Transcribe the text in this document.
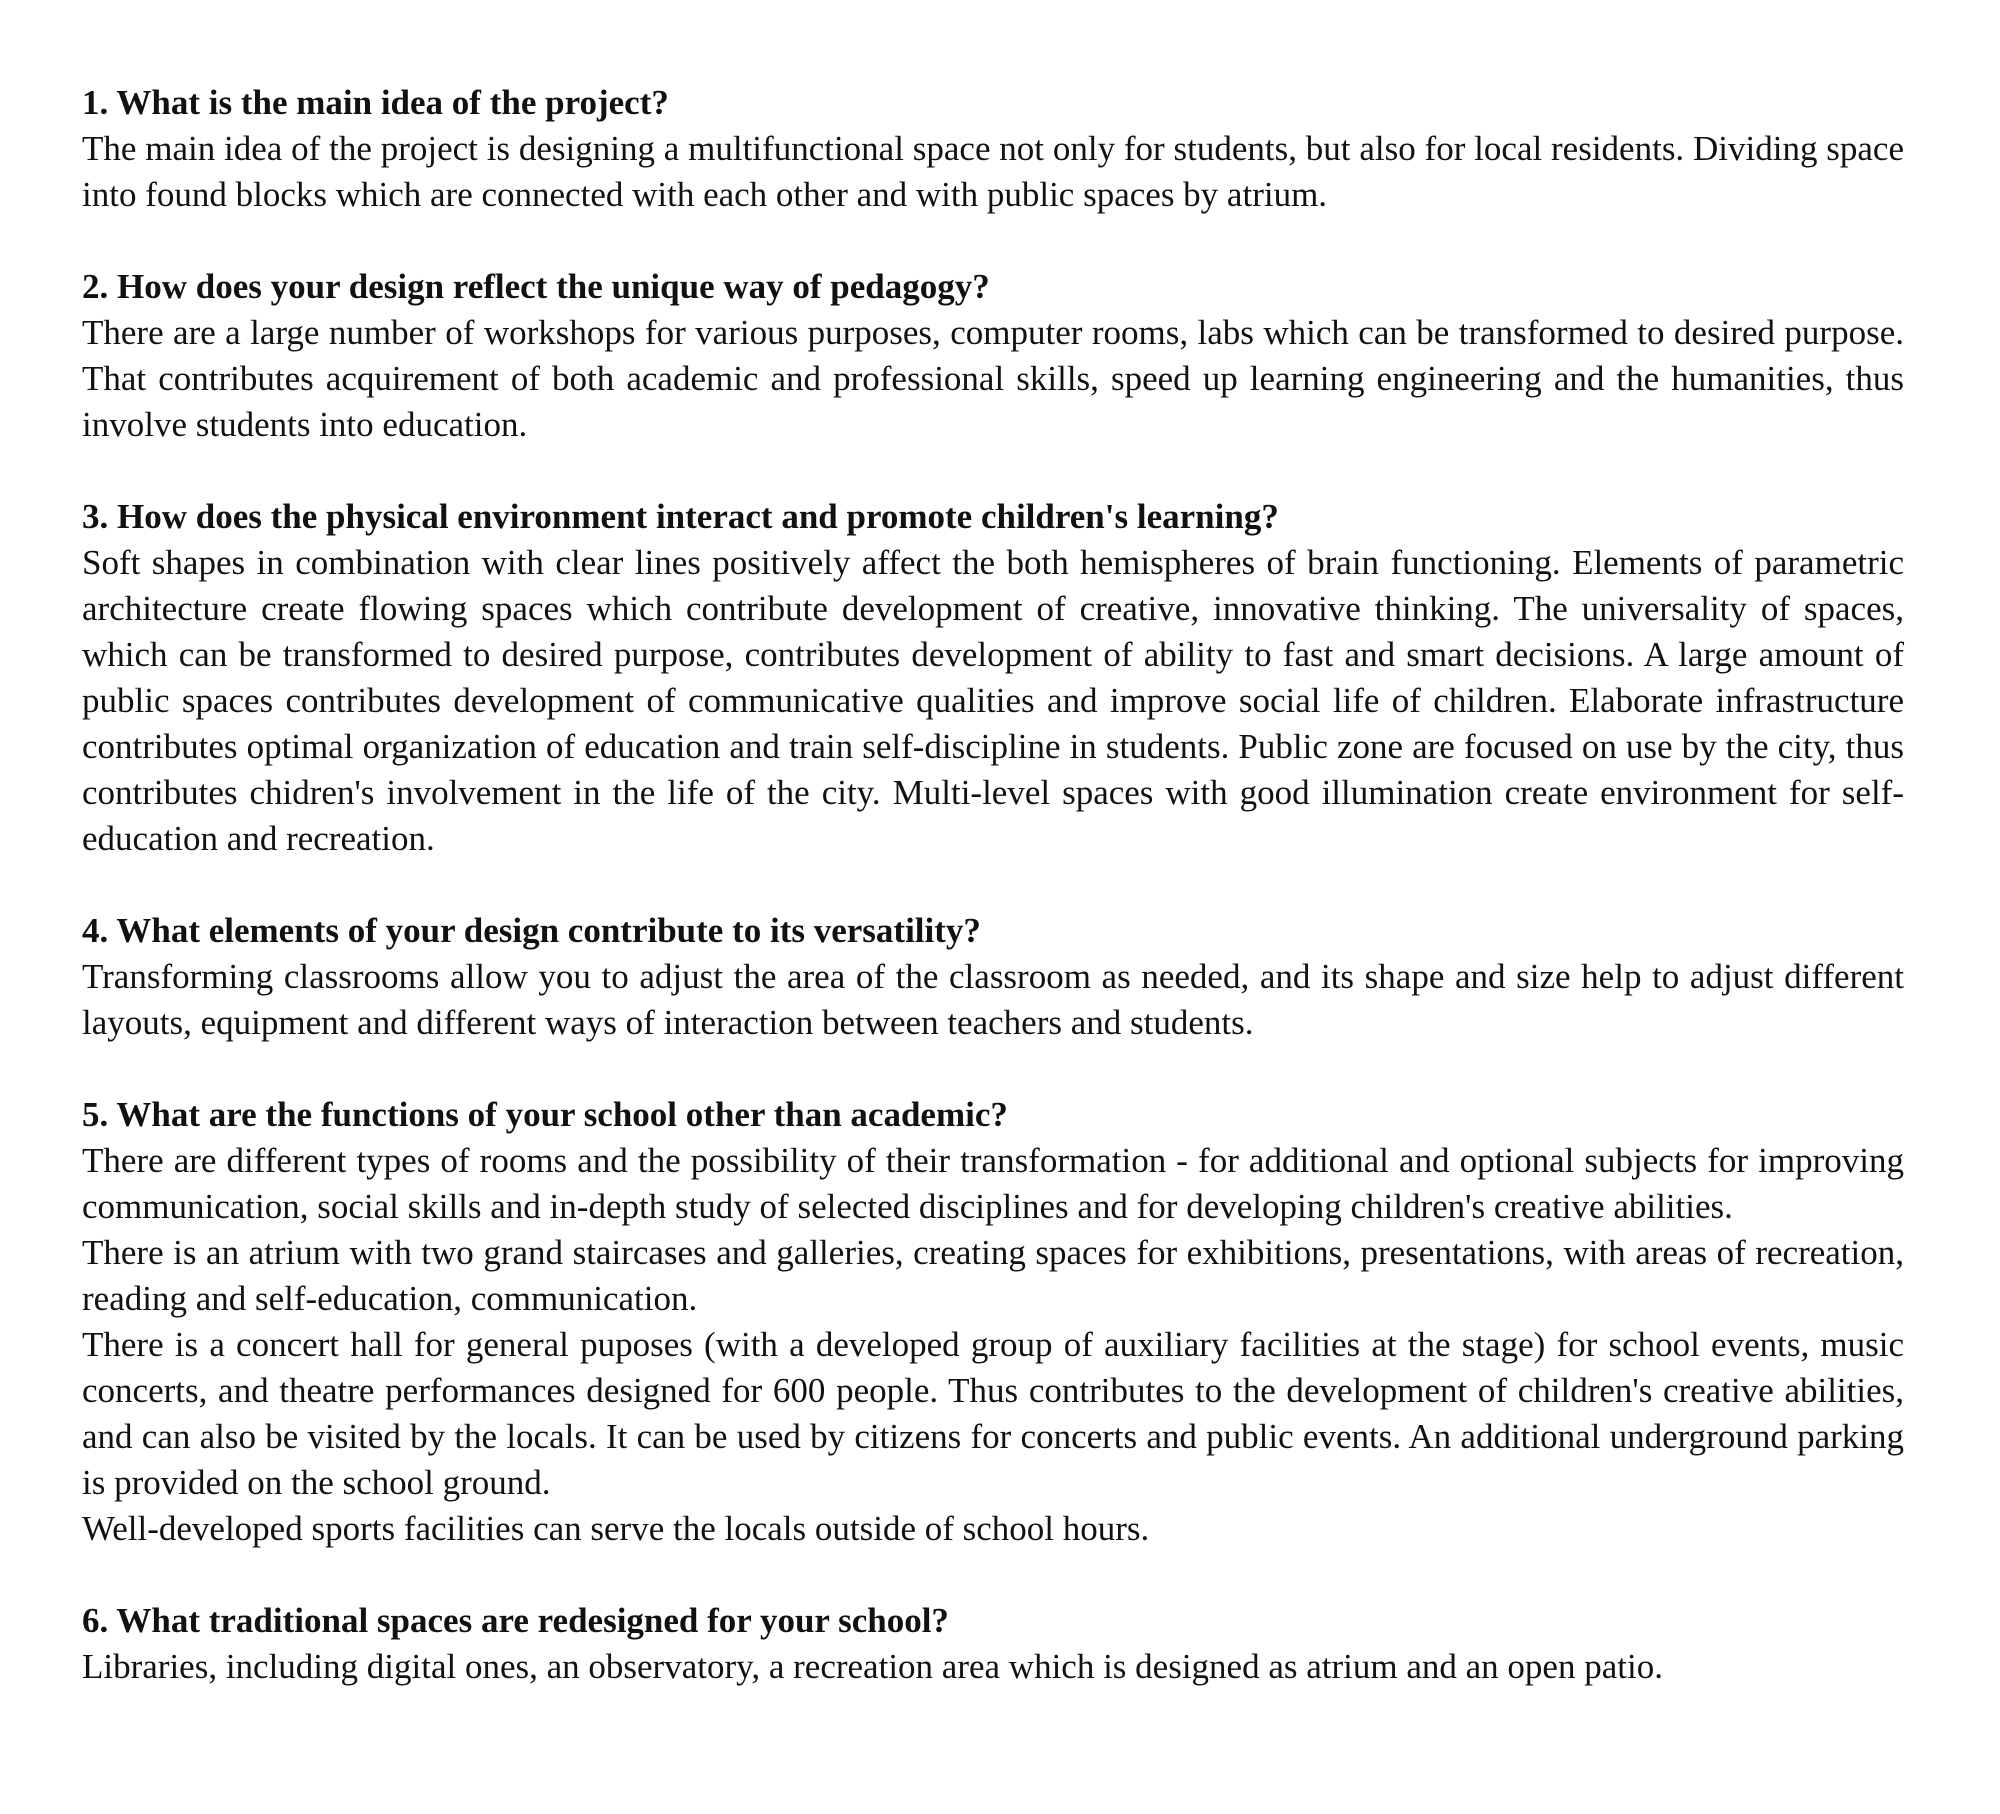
1. What is the main idea of the project?

The main idea of the project is designing a multifunctional space not only for students, but also for local residents. Dividing space into found blocks which are connected with each other and with public spaces by atrium.

2. How does your design reflect the unique way of pedagogy?

There are a large number of workshops for various purposes, computer rooms, labs which can be transformed to desired purpose. That contributes acquirement of both academic and professional skills, speed up learning engineering and the humanities, thus involve students into education.

3. How does the physical environment interact and promote children's learning?

Soft shapes in combination with clear lines positively affect the both hemispheres of brain functioning. Elements of parametric architecture create flowing spaces which contribute development of creative, innovative thinking. The universality of spaces, which can be transformed to desired purpose, contributes development of ability to fast and smart decisions. A large amount of public spaces contributes development of communicative qualities and improve social life of children. Elaborate infrastructure contributes optimal organization of education and train self-discipline in students. Public zone are focused on use by the city, thus contributes chidren's involvement in the life of the city. Multi-level spaces with good illumination create environment for self-education and recreation.

4. What elements of your design contribute to its versatility?

Transforming classrooms allow you to adjust the area of the classroom as needed, and its shape and size help to adjust different layouts, equipment and different ways of interaction between teachers and students.

5. What are the functions of your school other than academic?

There are different types of rooms and the possibility of their transformation - for additional and optional subjects for improving communication, social skills and in-depth study of selected disciplines and for developing children's creative abilities.
There is an atrium with two grand staircases and galleries, creating spaces for exhibitions, presentations, with areas of recreation, reading and self-education, communication.
There is a concert hall for general puposes (with a developed group of auxiliary facilities at the stage) for school events, music concerts, and theatre performances designed for 600 people. Thus contributes to the development of children's creative abilities, and can also be visited by the locals. It can be used by citizens for concerts and public events. An additional underground parking is provided on the school ground.
Well-developed sports facilities can serve the locals outside of school hours.

6. What traditional spaces are redesigned for your school?

Libraries, including digital ones, an observatory, a recreation area which is designed as atrium and an open patio.
